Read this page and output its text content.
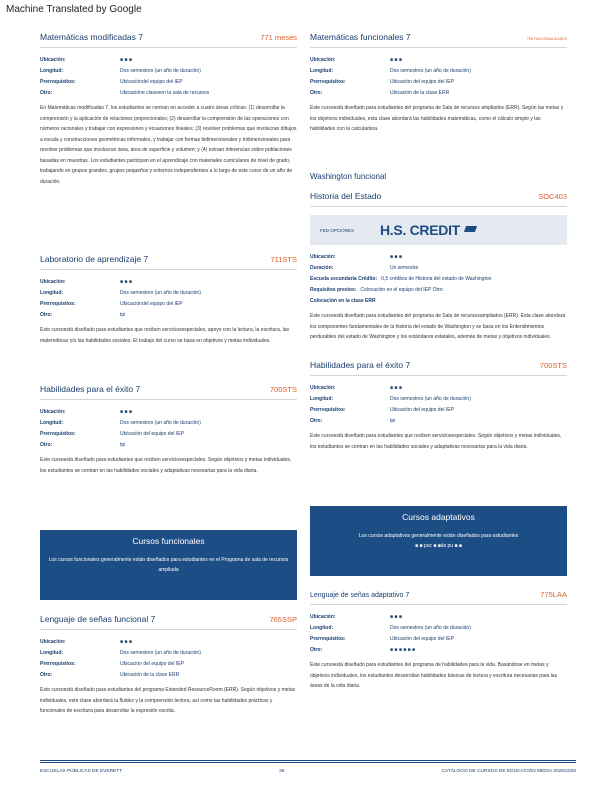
Machine Translated by Google
Matemáticas modificadas 7	771 meses
Ubicación:	■ ■ ■
Longitud:	Dos semestres (un año de duración)
Prerrequisitos:	Ubicacióndel equipo del IEP
Otro:	Ubicacióne clasesen la sala de recursos
En Matemáticas modificadas 7, los estudiantes se centran en acceder a cuatro áreas críticas: (1) desarrollar la comprensión y la aplicación de relaciones proporcionales; (2) desarrollar la comprensión de las operaciones con números racionales y trabajar con expresiones y ecuaciones lineales; (3) resolver problemas que involucran dibujos a escala y construcciones geométricas informales, y trabajar con formas bidimensionales y tridimensionales para resolver problemas que involucran área, área de superficie y volumen; y (4) extraer inferencias sobre poblaciones basadas en muestras. Los estudiantes participan en el aprendizaje con materiales curriculares de nivel de grado, trabajando en grupos grandes, grupos pequeños y entornos independientes a lo largo de este curso de un año de duración.
Laboratorio de aprendizaje 7	711STS
Ubicación:	■ ■ ■
Longitud:	Dos semestres (un año de duración)
Prerrequisitos:	Ubicacióndel equipo del IEP
Otro:	tpi
Este cursoestá diseñado para estudiantes que reciben serviciosespeciales, apoyo con la lectura, la escritura, las matemáticas y/o las habilidades sociales. El trabajo del curso se basa en objetivos y metas individuales.
Habilidades para el éxito 7	700STS
Ubicación:	■ ■ ■
Longitud:	Dos semestres (un año de duración)
Prerrequisitos:	Ubicación del equipo del IEP
Otro:	tpi
Este cursoestá diseñado para estudiantes que reciben serviciosespeciales. Según objetivos y metas individuales, los estudiantes se centran en las habilidades sociales y adaptativas necesarias para la vida diaria.
Cursos funcionales
Los cursos funcionales generalmente están diseñados para estudiantes en el Programa de sala de recursos ampliada
Lenguaje de señas funcional 7	765SSP
Ubicación:	■ ■ ■
Longitud:	Dos semestres (un año de duración)
Prerrequisitos:	Ubicación del equipo del IEP
Otro:	Ubicación de la clase ERR
Este cursoestá diseñado para estudiantes del programa Extended ResourceRoom (ERR). Según objetivos y metas individuales, este clase abordará la fluidez y la comprensión lectora, así como las habilidades prácticas y funcionales de escritura para desarrollar la expresión escrita.
Matemáticas funcionales 7	750 FUNCIONALIDADES
Ubicación:	■ ■ ■
Longitud:	Dos semestres (un año de duración)
Prerrequisitos:	Ubicación del equipo del IEP
Otro:	Ubicación de la clase ERR
Este cursoestá diseñado para estudiantes del programa de Sala de recursos ampliados (ERR). Según las metas y los objetivos individuales, esta clase abordará las habilidades matemáticas, como el cálculo simple y las habilidades con la calculadora.
Washington funcional
Historia del Estado	SOC403
FED OPCIONES	H.S. CREDIT
Ubicación:	■ ■ ■
Duración:	Un semestre
Escuela secundaria Crédito: 0,5 créditos de Historia del estado de Washington
Requisitos previos: Colocación en el equipo del IEP Otro:
Colocación en la clase ERR
Este cursoestá diseñado para estudiantes del programa de Sala de recursosampliados (ERR). Esta clase abordará los componentes fundamentales de la historia del estado de Washington y se basa en los Entendimientos perdurables del estado de Washington y los estándares estatales, además de metas y objetivos individuales.
Habilidades para el éxito 7	700STS
Ubicación:	■ ■ ■
Longitud:	Dos semestres (un año de duración)
Prerrequisitos:	Ubicación del equipo del IEP
Otro:	tpi
Este cursoestá diseñado para estudiantes que reciben serviciosespeciales. Según objetivos y metas individuales, los estudiantes se centran en las habilidades sociales y adaptativas necesarias para la vida diaria.
Cursos adaptativos
Los cursos adaptativos generalmente están diseñados para estudiantes
■ ■ puc ■ ■ás pu ■ ■
Lenguaje de señas adaptativo 7	775LAA
Ubicación:	■ ■ ■
Longitud:	Dos semestres (un año de duración)
Prerrequisitos:	Ubicación del equipo del IEP
Otro:	■ ■ ■ ■ ■ ■
Este cursoestá diseñado para estudiantes del programa de habilidades para la vida. Basándose en metas y objetivos individuales, los estudiantes desarrollan habilidades básicas de lectura y escritura necesarias para las áreas de la vida diaria.
ESCUELAS PÚBLICAS DE EVERETT	35	CATÁLOGO DE CURSOS DE EDUCACIÓN MEDIA 2025/2026
